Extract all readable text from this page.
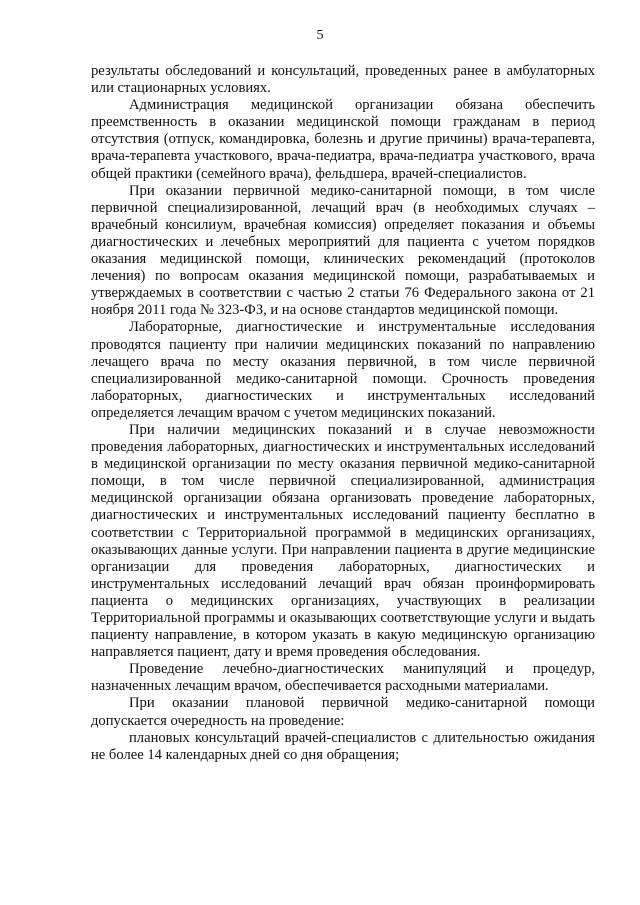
5

результаты обследований и консультаций, проведенных ранее в амбулаторных или стационарных условиях.

Администрация медицинской организации обязана обеспечить преемственность в оказании медицинской помощи гражданам в период отсутствия (отпуск, командировка, болезнь и другие причины) врача-терапевта, врача-терапевта участкового, врача-педиатра, врача-педиатра участкового, врача общей практики (семейного врача), фельдшера, врачей-специалистов.

При оказании первичной медико-санитарной помощи, в том числе первичной специализированной, лечащий врач (в необходимых случаях – врачебный консилиум, врачебная комиссия) определяет показания и объемы диагностических и лечебных мероприятий для пациента с учетом порядков оказания медицинской помощи, клинических рекомендаций (протоколов лечения) по вопросам оказания медицинской помощи, разрабатываемых и утверждаемых в соответствии с частью 2 статьи 76 Федерального закона от 21 ноября 2011 года № 323-ФЗ, и на основе стандартов медицинской помощи.

Лабораторные, диагностические и инструментальные исследования проводятся пациенту при наличии медицинских показаний по направлению лечащего врача по месту оказания первичной, в том числе первичной специализированной медико-санитарной помощи. Срочность проведения лабораторных, диагностических и инструментальных исследований определяется лечащим врачом с учетом медицинских показаний.

При наличии медицинских показаний и в случае невозможности проведения лабораторных, диагностических и инструментальных исследований в медицинской организации по месту оказания первичной медико-санитарной помощи, в том числе первичной специализированной, администрация медицинской организации обязана организовать проведение лабораторных, диагностических и инструментальных исследований пациенту бесплатно в соответствии с Территориальной программой в медицинских организациях, оказывающих данные услуги. При направлении пациента в другие медицинские организации для проведения лабораторных, диагностических и инструментальных исследований лечащий врач обязан проинформировать пациента о медицинских организациях, участвующих в реализации Территориальной программы и оказывающих соответствующие услуги и выдать пациенту направление, в котором указать в какую медицинскую организацию направляется пациент, дату и время проведения обследования.

Проведение лечебно-диагностических манипуляций и процедур, назначенных лечащим врачом, обеспечивается расходными материалами.

При оказании плановой первичной медико-санитарной помощи допускается очередность на проведение:

плановых консультаций врачей-специалистов с длительностью ожидания не более 14 календарных дней со дня обращения;
